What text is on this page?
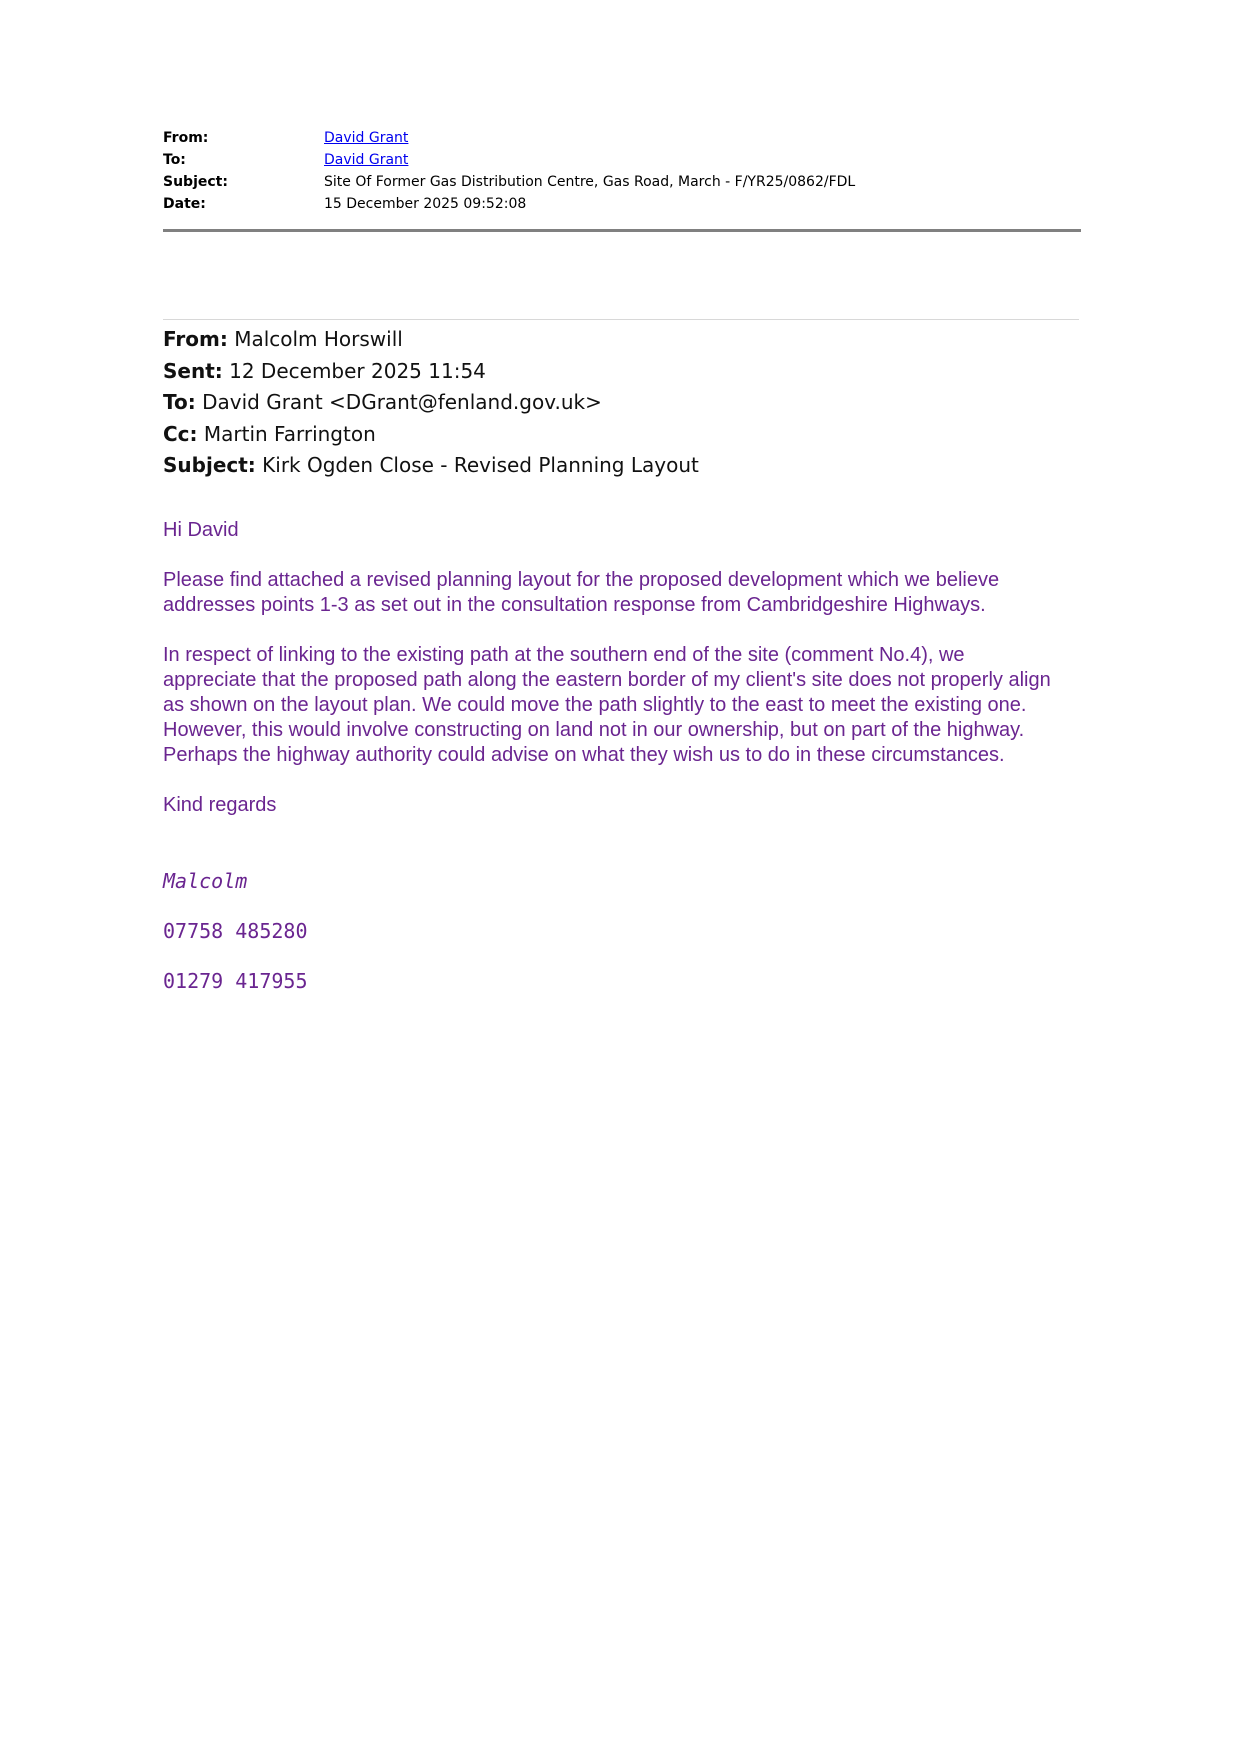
From:	David Grant
To:	David Grant
Subject:	Site Of Former Gas Distribution Centre, Gas Road, March - F/YR25/0862/FDL
Date:	15 December 2025 09:52:08
From: Malcolm Horswill
Sent: 12 December 2025 11:54
To: David Grant <DGrant@fenland.gov.uk>
Cc: Martin Farrington
Subject: Kirk Ogden Close - Revised Planning Layout

Hi David

Please find attached a revised planning layout for the proposed development which we believe

addresses points 1-3 as set out in the consultation response from Cambridgeshire Highways.

In respect of linking to the existing path at the southern end of the site (comment No.4), we

appreciate that the proposed path along the eastern border of my client's site does not properly align

as shown on the layout plan. We could move the path slightly to the east to meet the existing one.

However, this would involve constructing on land not in our ownership, but on part of the highway.

Perhaps the highway authority could advise on what they wish us to do in these circumstances.

Kind regards

Malcolm
07758 485280
01279 417955
